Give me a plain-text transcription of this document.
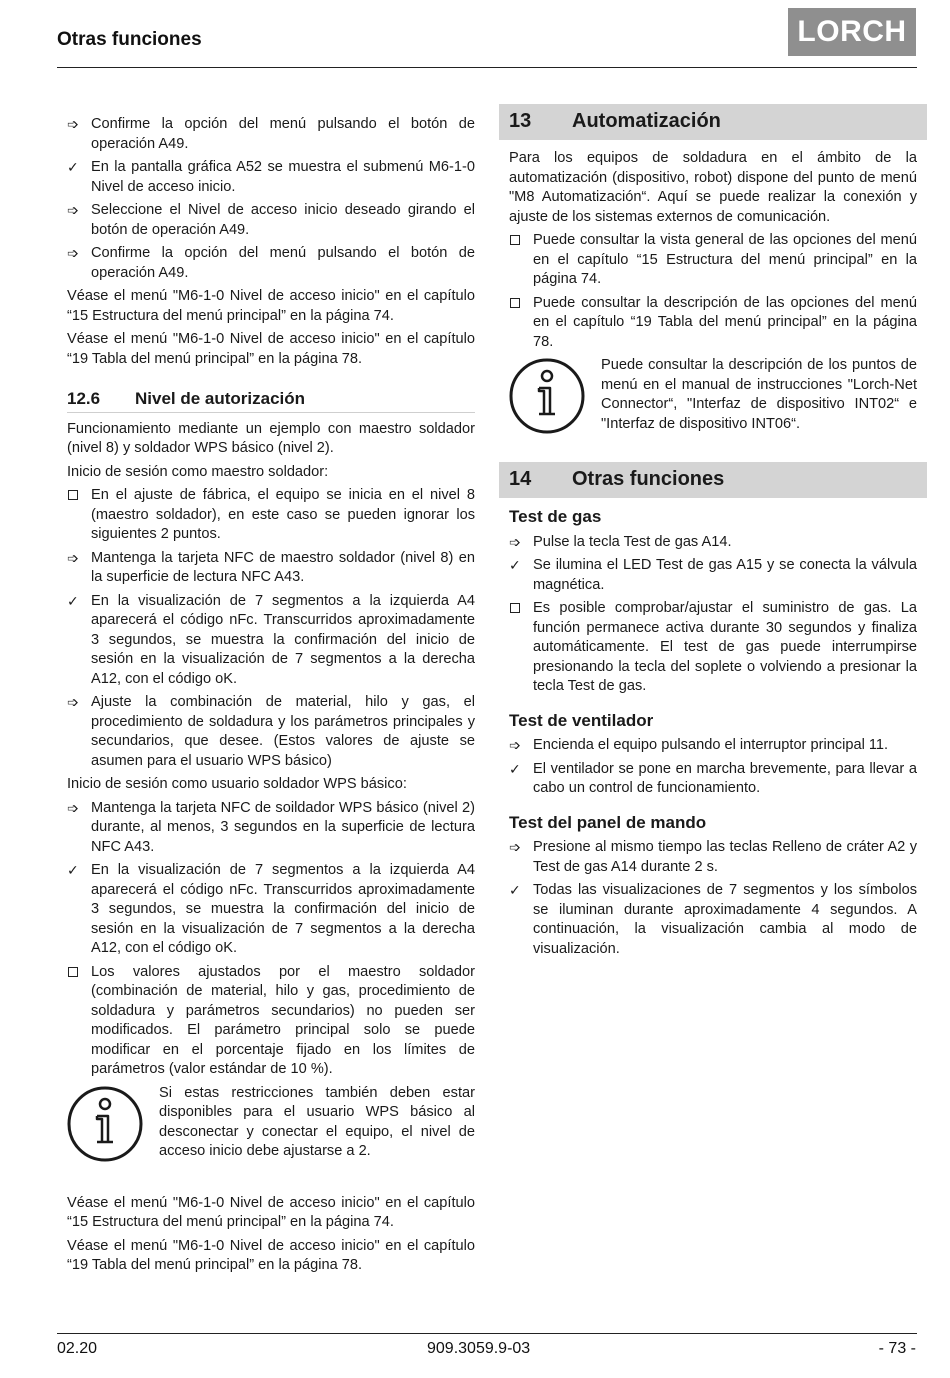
Otras funciones	LORCH
➩ Confirme la opción del menú pulsando el botón de operación A49.
✓ En la pantalla gráfica A52 se muestra el submenú M6-1-0 Nivel de acceso inicio.
➩ Seleccione el Nivel de acceso inicio deseado girando el botón de operación A49.
➩ Confirme la opción del menú pulsando el botón de operación A49.

Véase el menú "M6-1-0 Nivel de acceso inicio" en el capítulo “15 Estructura del menú principal” en la página 74.

Véase el menú "M6-1-0 Nivel de acceso inicio" en el capítulo “19 Tabla del menú principal” en la página 78.

12.6	Nivel de autorización

Funcionamiento mediante un ejemplo con maestro soldador (nivel 8) y soldador WPS básico (nivel 2).

Inicio de sesión como maestro soldador:

En el ajuste de fábrica, el equipo se inicia en el nivel 8 (maestro soldador), en este caso se pueden ignorar los siguientes 2 puntos.
➩ Mantenga la tarjeta NFC de maestro soldador (nivel 8) en la superficie de lectura NFC A43.
✓ En la visualización de 7 segmentos a la izquierda A4 aparecerá el código nFc. Transcurridos aproximadamente 3 segundos, se muestra la confirmación del inicio de sesión en la visualización de 7 segmentos a la derecha A12, con el código oK.
➩ Ajuste la combinación de material, hilo y gas, el procedimiento de soldadura y los parámetros principales y secundarios, que desee. (Estos valores de ajuste se asumen para el usuario WPS básico)

Inicio de sesión como usuario soldador WPS básico:

➩ Mantenga la tarjeta NFC de soildador WPS básico (nivel 2) durante, al menos, 3 segundos en la superficie de lectura NFC A43.
✓ En la visualización de 7 segmentos a la izquierda A4 aparecerá el código nFc. Transcurridos aproximadamente 3 segundos, se muestra la confirmación del inicio de sesión en la visualización de 7 segmentos a la derecha A12, con el código oK.
Los valores ajustados por el maestro soldador (combinación de material, hilo y gas, procedimiento de soldadura y parámetros secundarios) no pueden ser modificados. El parámetro principal solo se puede modificar en el porcentaje fijado en los límites de parámetros (valor estándar de 10 %).
Si estas restricciones también deben estar disponibles para el usuario WPS básico al desconectar y conectar el equipo, el nivel de acceso inicio debe ajustarse a 2.

Véase el menú "M6-1-0 Nivel de acceso inicio" en el capítulo “15 Estructura del menú principal” en la página 74.

Véase el menú "M6-1-0 Nivel de acceso inicio" en el capítulo “19 Tabla del menú principal” en la página 78.

13	Automatización

Para los equipos de soldadura en el ámbito de la automatización (dispositivo, robot) dispone del punto de menú "M8 Automatización“. Aquí se puede realizar la conexión y ajuste de los sistemas externos de comunicación.

Puede consultar la vista general de las opciones del menú en el capítulo “15 Estructura del menú principal” en la página 74.
Puede consultar la descripción de las opciones del menú en el capítulo “19 Tabla del menú principal” en la página 78.
Puede consultar la descripción de los puntos de menú en el manual de instrucciones "Lorch-Net Connector“, "Interfaz de dispositivo INT02“ e "Interfaz de dispositivo INT06“.
14	Otras funciones
Test de gas
➩ Pulse la tecla Test de gas A14.
✓ Se ilumina el LED Test de gas A15 y se conecta la válvula magnética.
Es posible comprobar/ajustar el suministro de gas. La función permanece activa durante 30 segundos y finaliza automáticamente. El test de gas puede interrumpirse presionando la tecla del soplete o volviendo a presionar la tecla Test de gas.
Test de ventilador
➩ Encienda el equipo pulsando el interruptor principal 11.
✓ El ventilador se pone en marcha brevemente, para llevar a cabo un control de funcionamiento.
Test del panel de mando
➩ Presione al mismo tiempo las teclas Relleno de cráter A2 y Test de gas A14 durante 2 s.
✓ Todas las visualizaciones de 7 segmentos y los símbolos se iluminan durante aproximadamente 4 segundos. A continuación, la visualización cambia al modo de visualización.
02.20	909.3059.9-03	- 73 -
